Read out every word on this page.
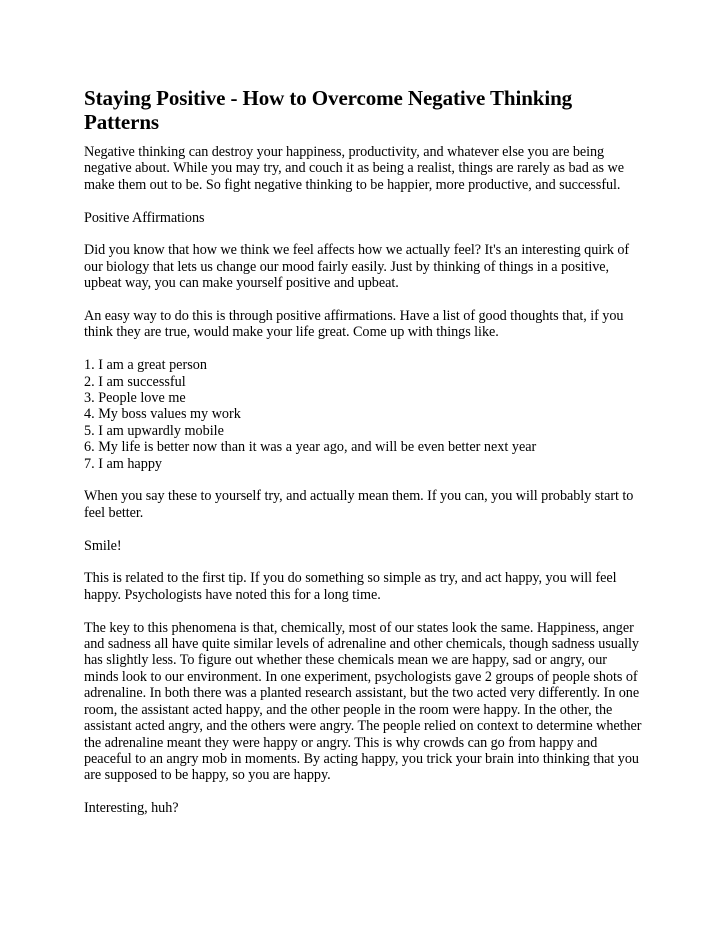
Staying Positive - How to Overcome Negative Thinking Patterns

Negative thinking can destroy your happiness, productivity, and whatever else you are being negative about. While you may try, and couch it as being a realist, things are rarely as bad as we make them out to be. So fight negative thinking to be happier, more productive, and successful.

Positive Affirmations

Did you know that how we think we feel affects how we actually feel? It's an interesting quirk of our biology that lets us change our mood fairly easily. Just by thinking of things in a positive, upbeat way, you can make yourself positive and upbeat.

An easy way to do this is through positive affirmations. Have a list of good thoughts that, if you think they are true, would make your life great. Come up with things like.

1. I am a great person
2. I am successful
3. People love me
4. My boss values my work
5. I am upwardly mobile
6. My life is better now than it was a year ago, and will be even better next year
7. I am happy

When you say these to yourself try, and actually mean them. If you can, you will probably start to feel better.

Smile!

This is related to the first tip. If you do something so simple as try, and act happy, you will feel happy. Psychologists have noted this for a long time.

The key to this phenomena is that, chemically, most of our states look the same. Happiness, anger and sadness all have quite similar levels of adrenaline and other chemicals, though sadness usually has slightly less. To figure out whether these chemicals mean we are happy, sad or angry, our minds look to our environment. In one experiment, psychologists gave 2 groups of people shots of adrenaline. In both there was a planted research assistant, but the two acted very differently. In one room, the assistant acted happy, and the other people in the room were happy. In the other, the assistant acted angry, and the others were angry. The people relied on context to determine whether the adrenaline meant they were happy or angry. This is why crowds can go from happy and peaceful to an angry mob in moments. By acting happy, you trick your brain into thinking that you are supposed to be happy, so you are happy.

Interesting, huh?
